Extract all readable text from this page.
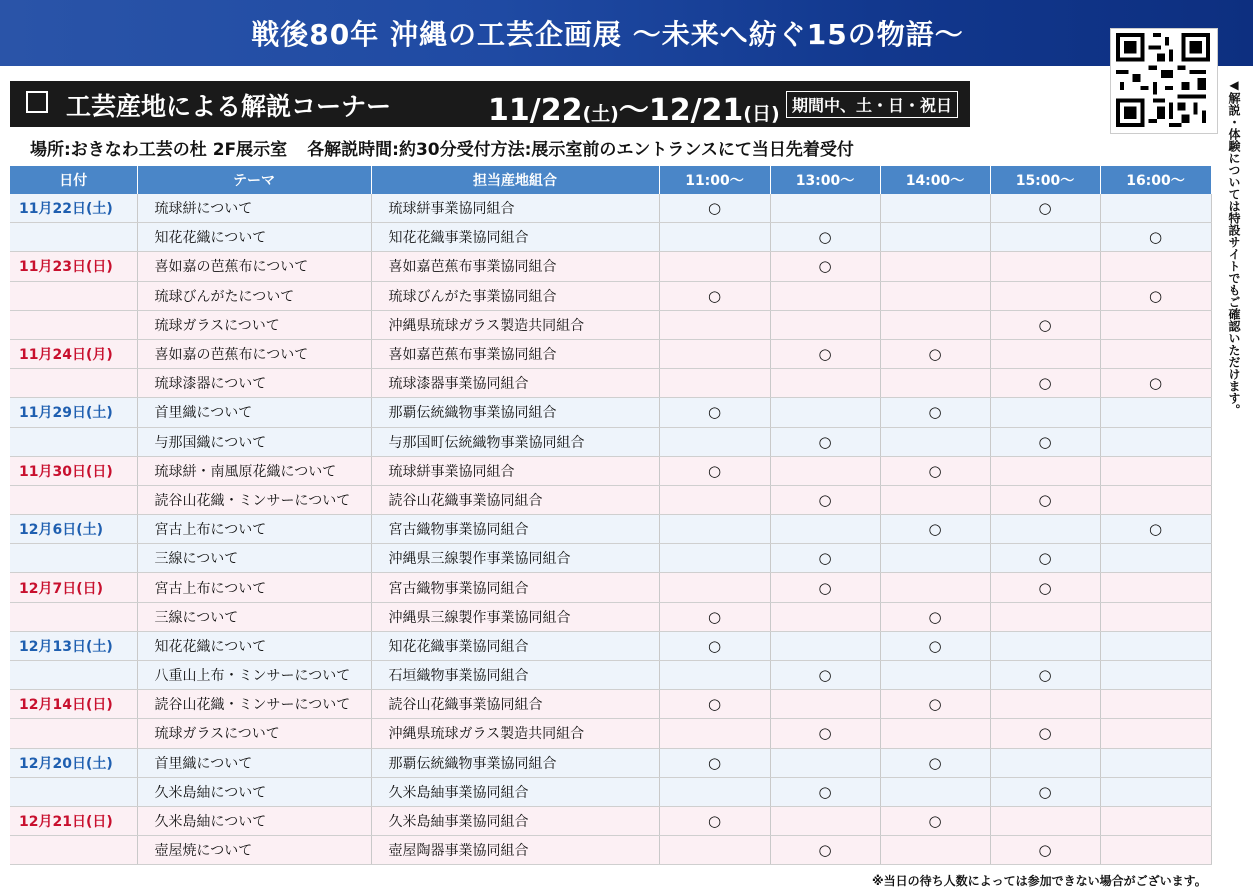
戦後80年 沖縄の工芸企画展 〜未来へ紡ぐ15の物語〜
工芸産地による解説コーナー	11/22(土)〜12/21(日) 期間中、土・日・祝日
場所:おきなわ工芸の杜 2F展示室 各解説時間:約30分受付方法:展示室前のエントランスにて当日先着受付	◀解説・体験については特設サイトでもご確認いただけます。
日付	テーマ	担当産地組合	11:00〜	13:00〜	14:00〜	15:00〜	16:00〜
11月22日(土)	琉球絣について	琉球絣事業協同組合	○			○	
	知花花織について	知花花織事業協同組合		○			○
11月23日(日)	喜如嘉の芭蕉布について	喜如嘉芭蕉布事業協同組合		○			
	琉球びんがたについて	琉球びんがた事業協同組合	○				○
	琉球ガラスについて	沖縄県琉球ガラス製造共同組合				○	
11月24日(月)	喜如嘉の芭蕉布について	喜如嘉芭蕉布事業協同組合		○	○		
	琉球漆器について	琉球漆器事業協同組合				○	○
11月29日(土)	首里織について	那覇伝統織物事業協同組合	○		○		
	与那国織について	与那国町伝統織物事業協同組合		○		○	
11月30日(日)	琉球絣・南風原花織について	琉球絣事業協同組合	○		○		
	読谷山花織・ミンサーについて	読谷山花織事業協同組合		○		○	
12月6日(土)	宮古上布について	宮古織物事業協同組合			○		○
	三線について	沖縄県三線製作事業協同組合		○		○	
12月7日(日)	宮古上布について	宮古織物事業協同組合		○		○	
	三線について	沖縄県三線製作事業協同組合	○		○		
12月13日(土)	知花花織について	知花花織事業協同組合	○		○		
	八重山上布・ミンサーについて	石垣織物事業協同組合		○		○	
12月14日(日)	読谷山花織・ミンサーについて	読谷山花織事業協同組合	○		○		
	琉球ガラスについて	沖縄県琉球ガラス製造共同組合		○		○	
12月20日(土)	首里織について	那覇伝統織物事業協同組合	○		○		
	久米島紬について	久米島紬事業協同組合		○		○	
12月21日(日)	久米島紬について	久米島紬事業協同組合	○		○		
	壺屋焼について	壺屋陶器事業協同組合		○		○	
※当日の待ち人数によっては参加できない場合がございます。
